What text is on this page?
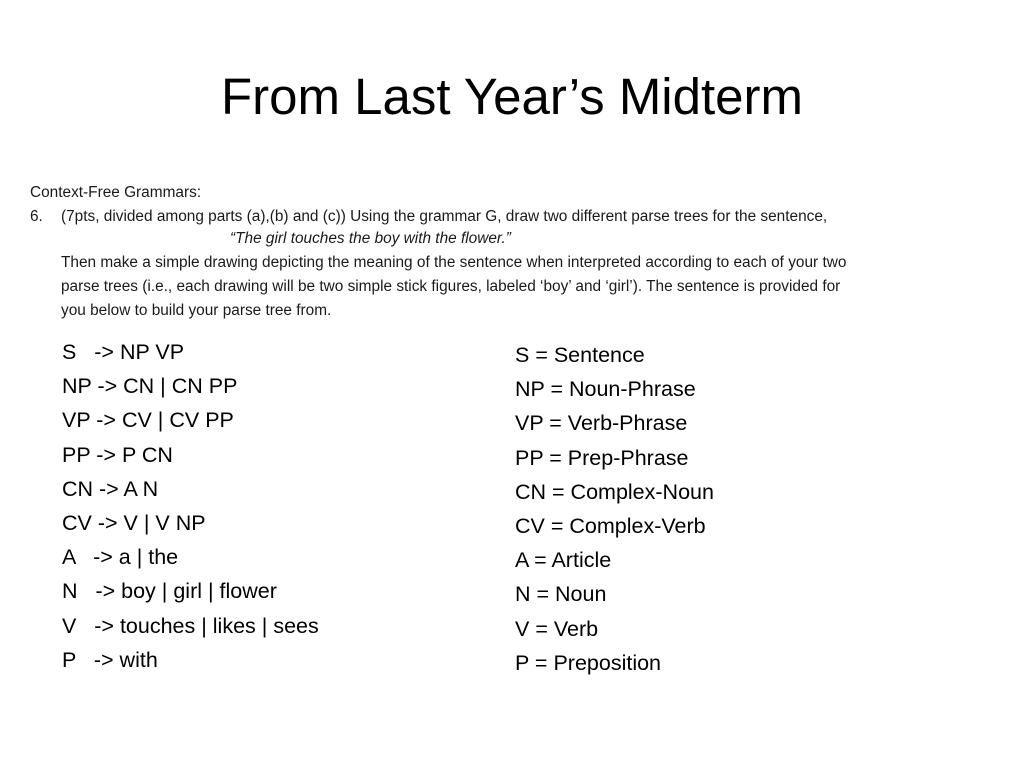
From Last Year’s Midterm
Context-Free Grammars:
6. (7pts, divided among parts (a),(b) and (c)) Using the grammar G, draw two different parse trees for the sentence,
“The girl touches the boy with the flower.”
Then make a simple drawing depicting the meaning of the sentence when interpreted according to each of your two
parse trees (i.e., each drawing will be two simple stick figures, labeled ‘boy’ and ‘girl’). The sentence is provided for
you below to build your parse tree from.
S   -> NP VP
NP -> CN | CN PP
VP -> CV | CV PP
PP -> P CN
CN -> A N
CV -> V | V NP
A   -> a | the
N   -> boy | girl | flower
V   -> touches | likes | sees
P   -> with
S = Sentence
NP = Noun-Phrase
VP = Verb-Phrase
PP = Prep-Phrase
CN = Complex-Noun
CV = Complex-Verb
A = Article
N = Noun
V = Verb
P = Preposition
